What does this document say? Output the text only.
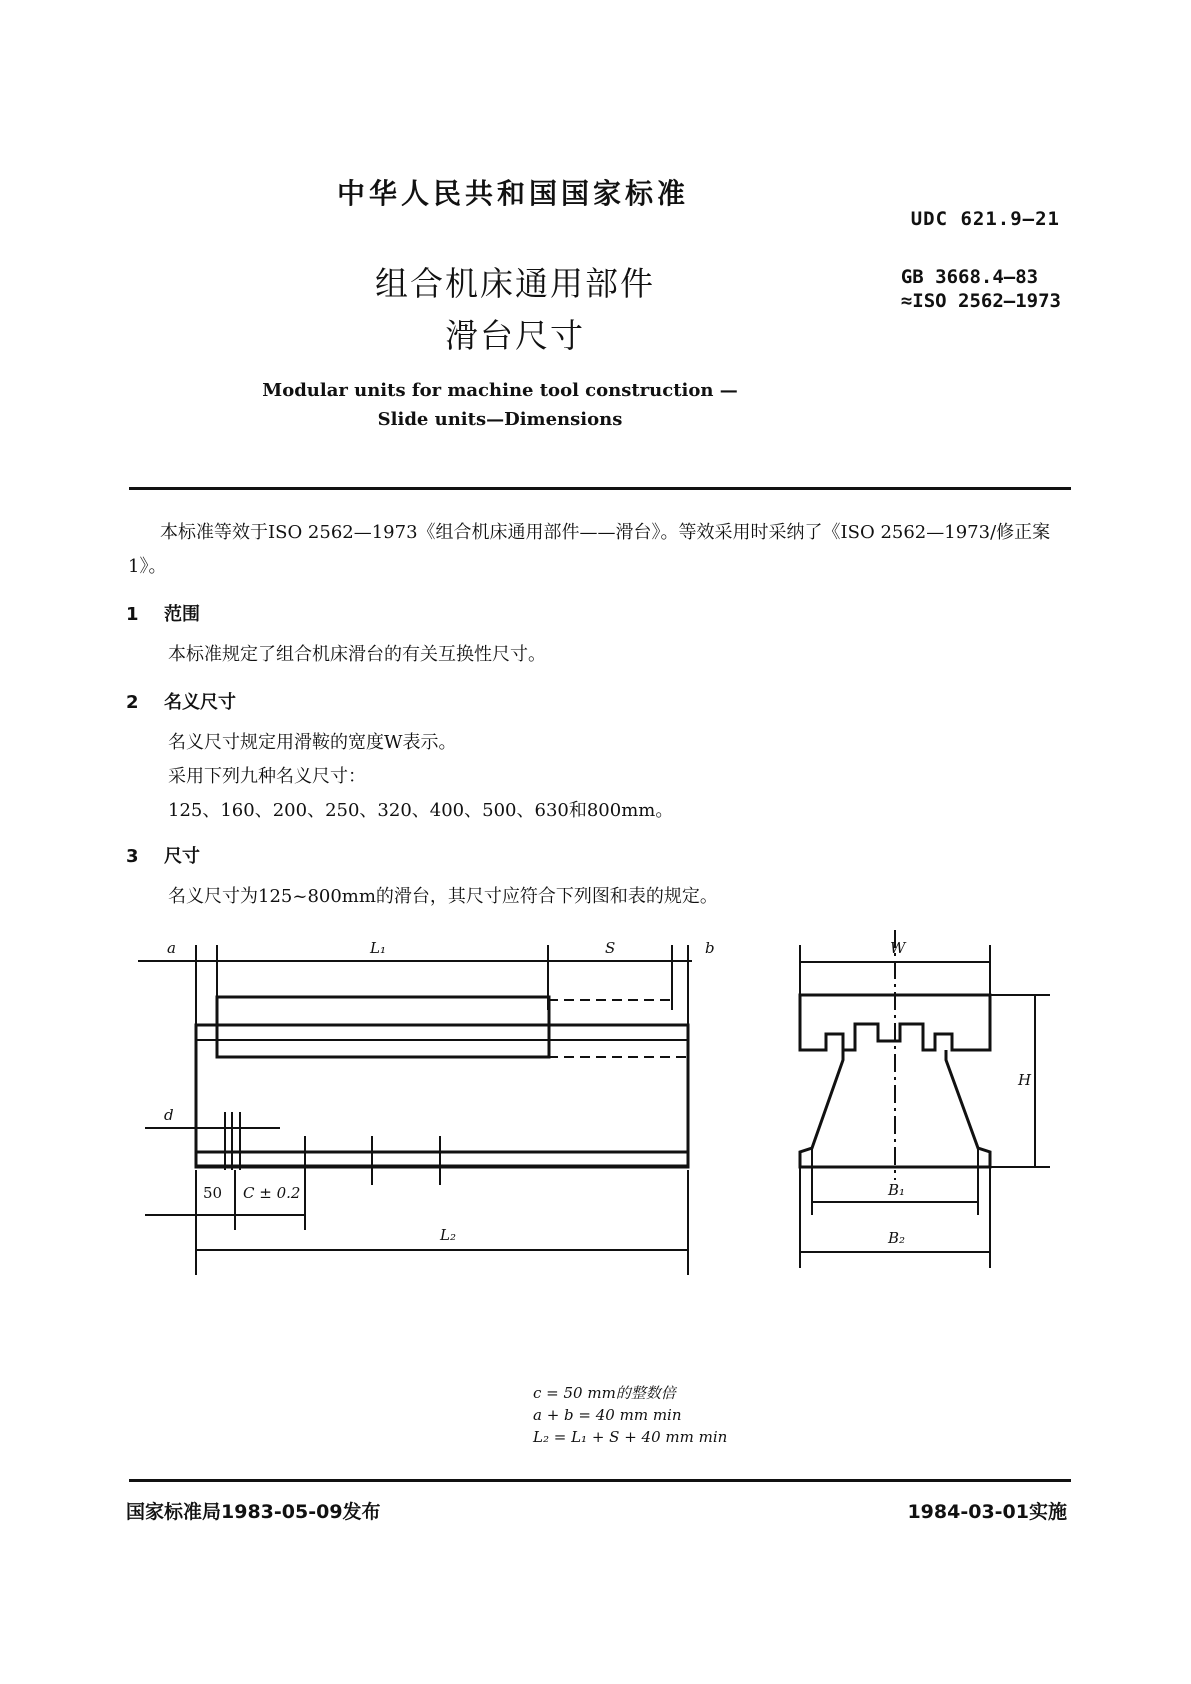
中华人民共和国国家标准
UDC 621.9—21
GB 3668.4—83
≈ISO 2562—1973
组合机床通用部件
滑台尺寸
Modular units for machine tool construction —
Slide units—Dimensions
本标准等效于ISO 2562—1973《组合机床通用部件——滑台》。等效采用时采纳了《ISO 2562—1973/修正案1》。
1 范围
本标准规定了组合机床滑台的有关互换性尺寸。
2 名义尺寸
名义尺寸规定用滑鞍的宽度W表示。
采用下列九种名义尺寸：
125、160、200、250、320、400、500、630和800mm。
3 尺寸
名义尺寸为125~800mm的滑台，其尺寸应符合下列图和表的规定。
a	L₁	S	b
d
50 C ± 0.2
L₂
W
H
B₁
B₂
c = 50 mm的整数倍
a + b = 40 mm min
L₂ = L₁ + S + 40 mm min
国家标准局1983-05-09发布	1984-03-01实施
